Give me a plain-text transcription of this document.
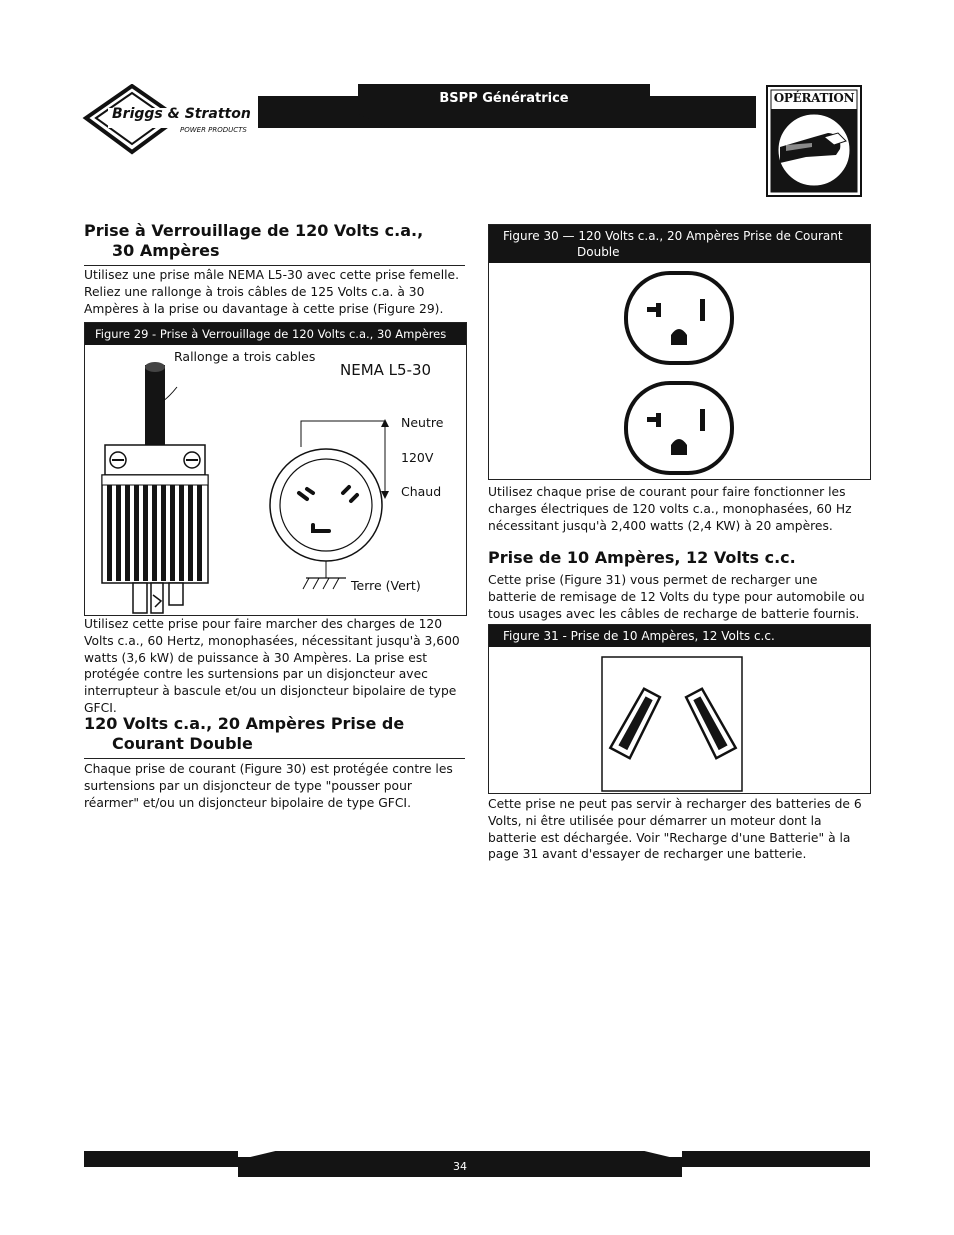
Briggs & Stratton
POWER PRODUCTS
BSPP Génératrice	OPÉRATION
Prise à Verrouillage de 120 Volts c.a.,
30 Ampères
Utilisez une prise mâle NEMA L5-30 avec cette prise femelle. Reliez une rallonge à trois câbles de 125 Volts c.a. à 30 Ampères à la prise ou davantage à cette prise (Figure 29).
Figure 29 - Prise à Verrouillage de 120 Volts c.a., 30 Ampères
Rallonge a trois cables
NEMA L5-30
Neutre
120V
Chaud
Terre (Vert)
Utilisez cette prise pour faire marcher des charges de 120 Volts c.a., 60 Hertz, monophasées, nécessitant jusqu'à 3,600 watts (3,6 kW) de puissance à 30 Ampères. La prise est protégée contre les surtensions par un disjoncteur avec interrupteur à bascule et/ou un disjoncteur bipolaire de type GFCI.
120 Volts c.a., 20 Ampères Prise de
Courant Double
Chaque prise de courant (Figure 30) est protégée contre les surtensions par un disjoncteur de type "pousser pour réarmer" et/ou un disjoncteur bipolaire de type GFCI.
Figure 30 — 120 Volts c.a., 20 Ampères Prise de Courant
Double
Utilisez chaque prise de courant pour faire fonctionner les charges électriques de 120 volts c.a., monophasées, 60 Hz nécessitant jusqu'à 2,400 watts (2,4 KW) à 20 ampères.
Prise de 10 Ampères, 12 Volts c.c.
Cette prise (Figure 31) vous permet de recharger une batterie de remisage de 12 Volts du type pour automobile ou tous usages avec les câbles de recharge de batterie fournis.
Figure 31 - Prise de 10 Ampères, 12 Volts c.c.
Cette prise ne peut pas servir à recharger des batteries de 6 Volts, ni être utilisée pour démarrer un moteur dont la batterie est déchargée. Voir "Recharge d'une Batterie" à la page 31 avant d'essayer de recharger une batterie.
34
